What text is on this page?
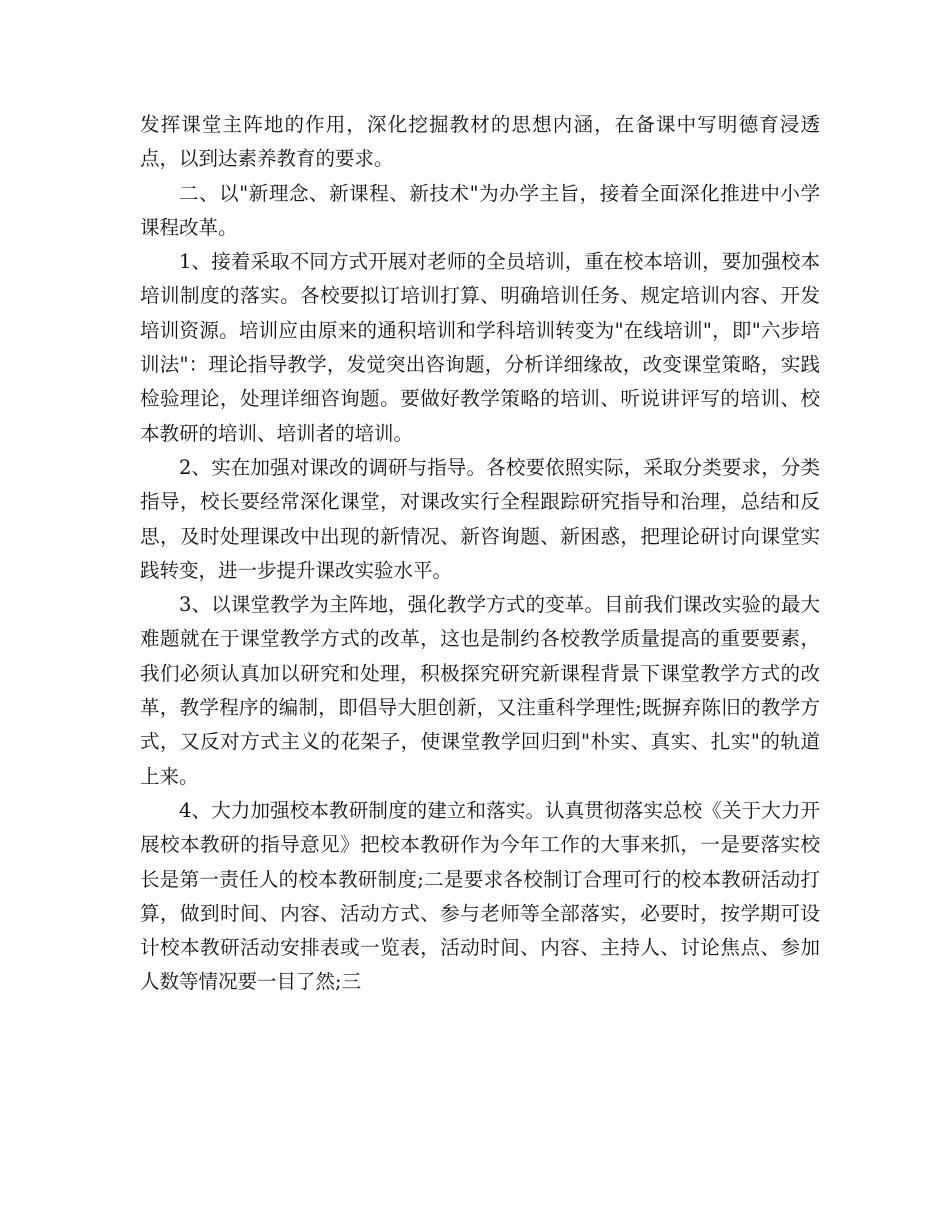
发挥课堂主阵地的作用，深化挖掘教材的思想内涵，在备课中写明德育浸透点，以到达素养教育的要求。

二、以"新理念、新课程、新技术"为办学主旨，接着全面深化推进中小学课程改革。

1、接着采取不同方式开展对老师的全员培训，重在校本培训，要加强校本培训制度的落实。各校要拟订培训打算、明确培训任务、规定培训内容、开发培训资源。培训应由原来的通积培训和学科培训转变为"在线培训"，即"六步培训法"：理论指导教学，发觉突出咨询题，分析详细缘故，改变课堂策略，实践检验理论，处理详细咨询题。要做好教学策略的培训、听说讲评写的培训、校本教研的培训、培训者的培训。

2、实在加强对课改的调研与指导。各校要依照实际，采取分类要求，分类指导，校长要经常深化课堂，对课改实行全程跟踪研究指导和治理，总结和反思，及时处理课改中出现的新情况、新咨询题、新困惑，把理论研讨向课堂实践转变，进一步提升课改实验水平。

3、以课堂教学为主阵地，强化教学方式的变革。目前我们课改实验的最大难题就在于课堂教学方式的改革，这也是制约各校教学质量提高的重要要素，我们必须认真加以研究和处理，积极探究研究新课程背景下课堂教学方式的改革，教学程序的编制，即倡导大胆创新，又注重科学理性;既摒弃陈旧的教学方式，又反对方式主义的花架子，使课堂教学回归到"朴实、真实、扎实"的轨道上来。

4、大力加强校本教研制度的建立和落实。认真贯彻落实总校《关于大力开展校本教研的指导意见》把校本教研作为今年工作的大事来抓，一是要落实校长是第一责任人的校本教研制度;二是要求各校制订合理可行的校本教研活动打算，做到时间、内容、活动方式、参与老师等全部落实，必要时，按学期可设计校本教研活动安排表或一览表，活动时间、内容、主持人、讨论焦点、参加人数等情况要一目了然;三
